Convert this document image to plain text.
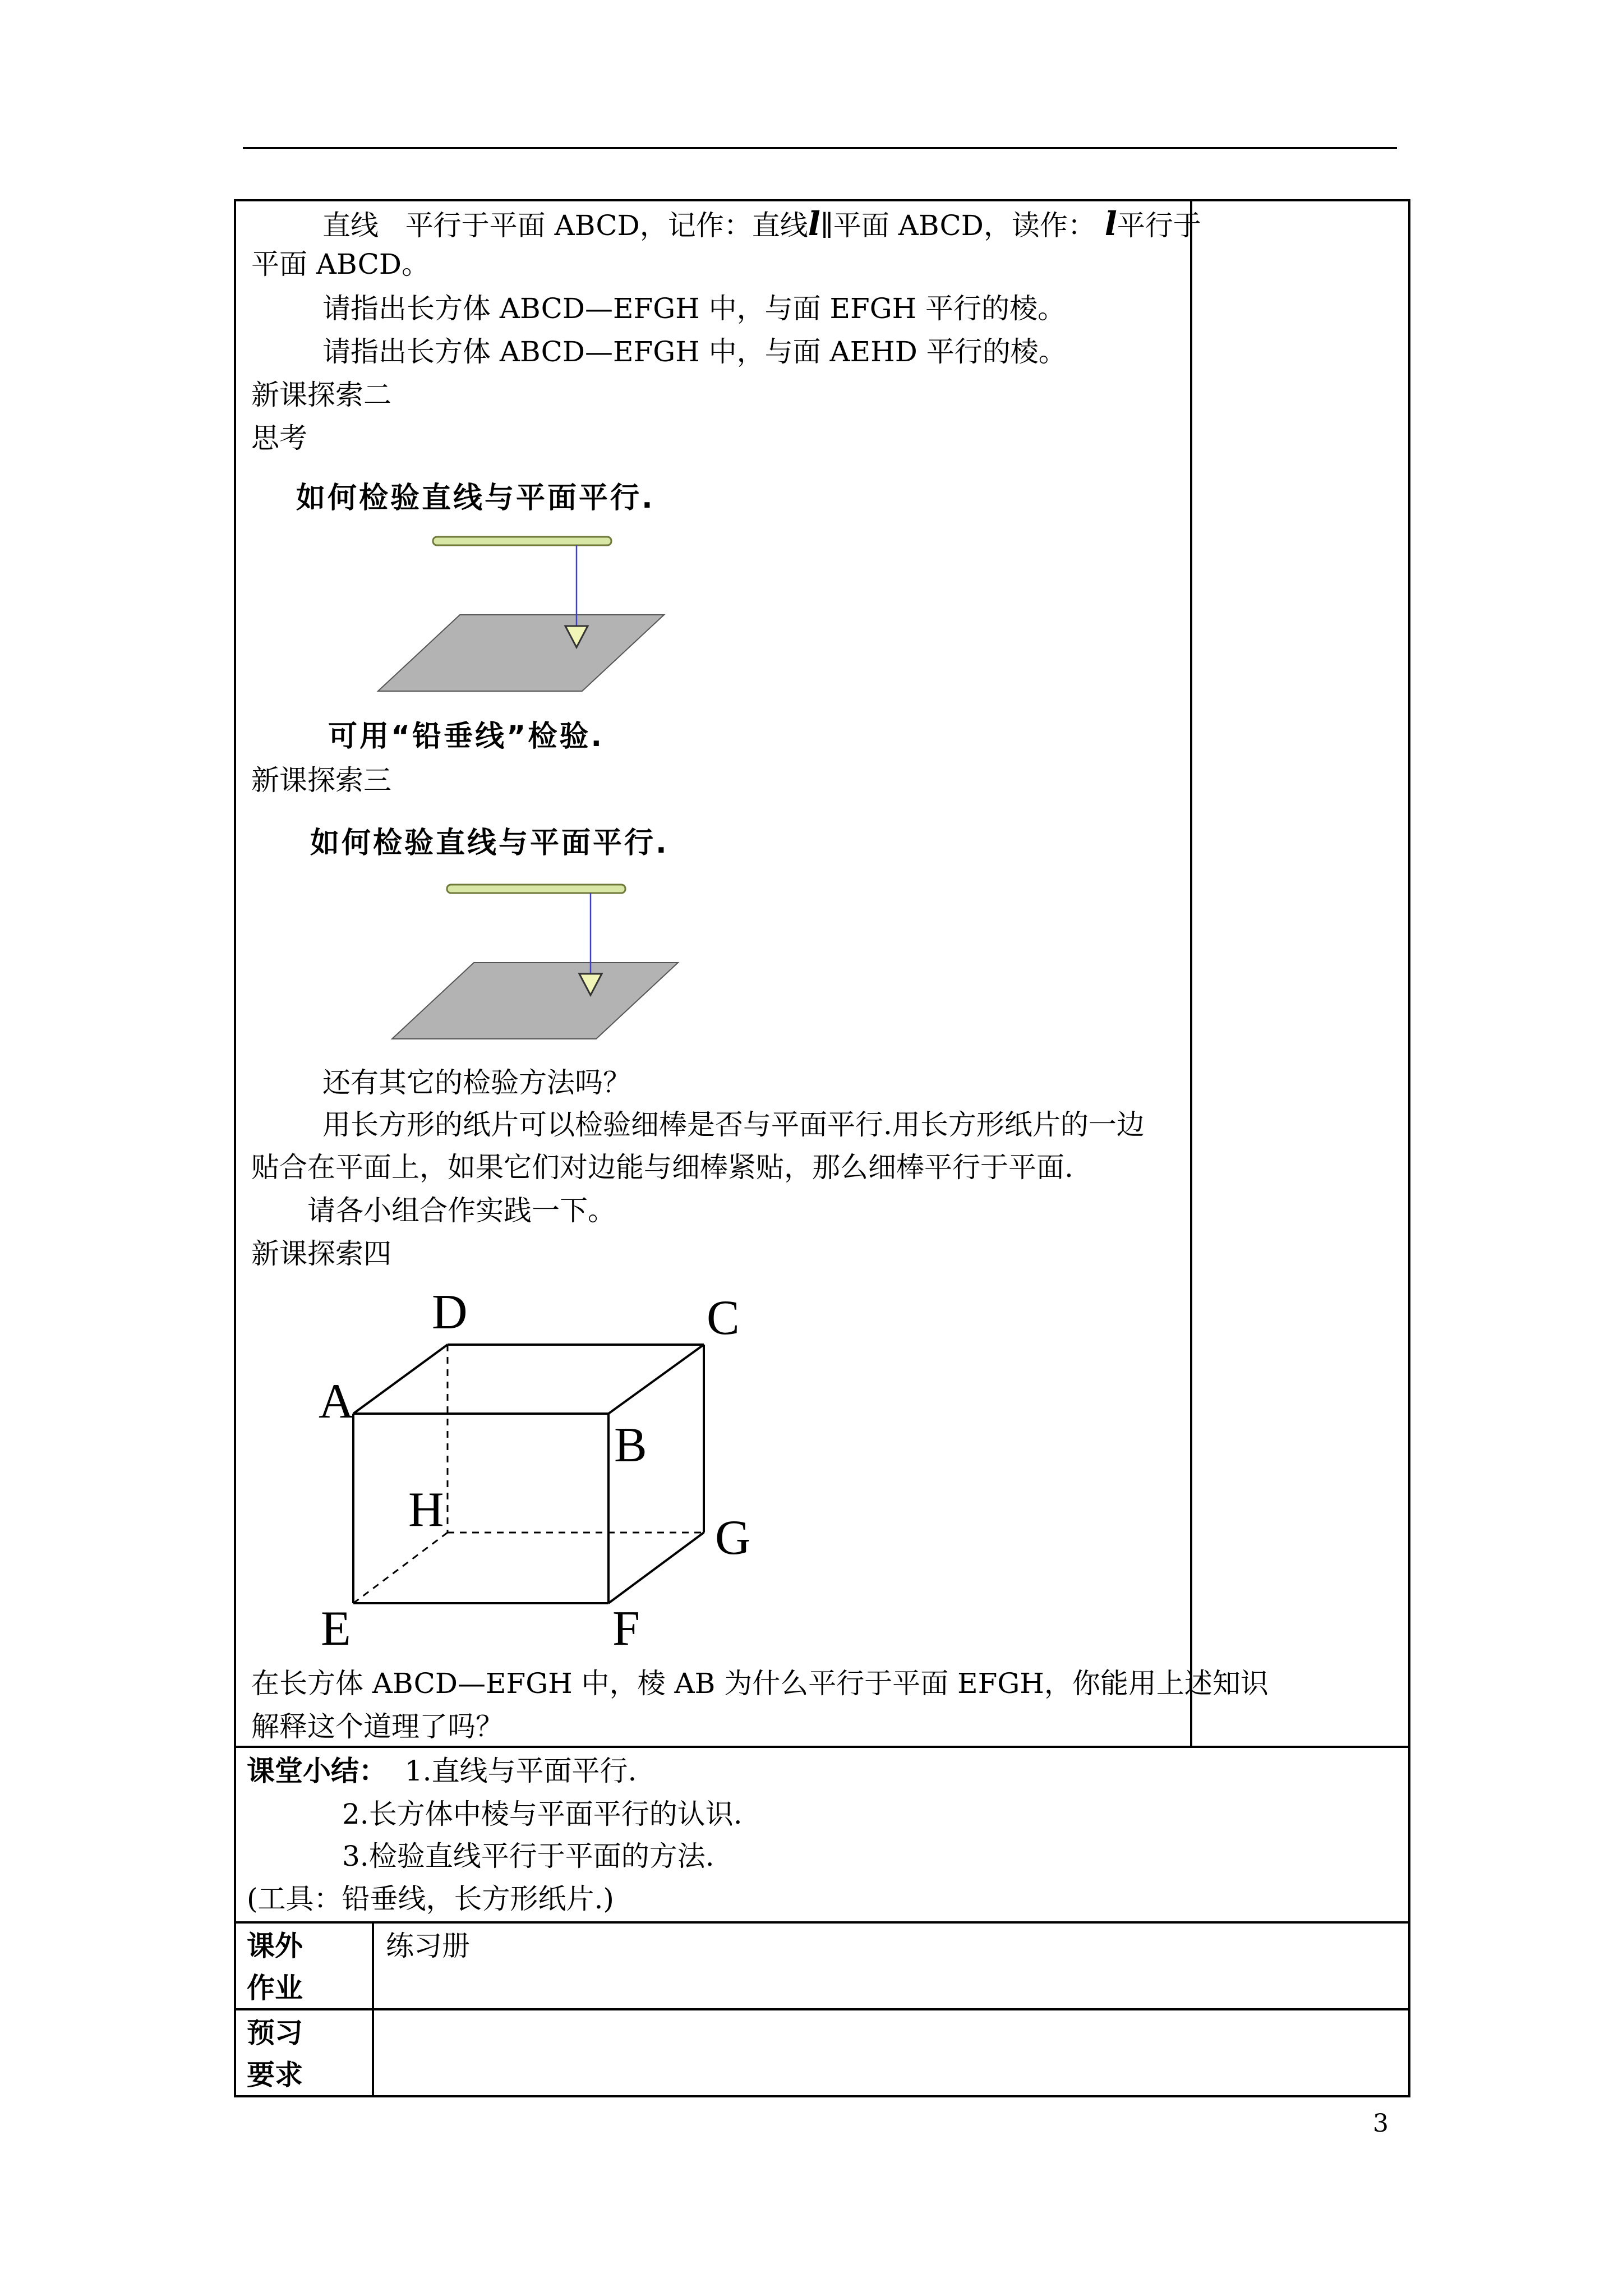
直线 平行于平面 ABCD，记作：直线l∥平面 ABCD，读作： l平行于
平面 ABCD。
请指出长方体 ABCD—EFGH 中，与面 EFGH 平行的棱。
请指出长方体 ABCD—EFGH 中，与面 AEHD 平行的棱。
新课探索二
思考
如何检验直线与平面平行.
可用“铅垂线”检验.
新课探索三
如何检验直线与平面平行.
还有其它的检验方法吗？
用长方形的纸片可以检验细棒是否与平面平行.用长方形纸片的一边
贴合在平面上，如果它们对边能与细棒紧贴，那么细棒平行于平面.
请各小组合作实践一下。
新课探索四
D	C
A
B
H
G
E	F
在长方体 ABCD—EFGH 中，棱 AB 为什么平行于平面 EFGH，你能用上述知识
解释这个道理了吗？
课堂小结： 1.直线与平面平行.
2.长方体中棱与平面平行的认识.
3.检验直线平行于平面的方法.
(工具：铅垂线，长方形纸片.)
课外
作业
练习册
预习
要求
3
